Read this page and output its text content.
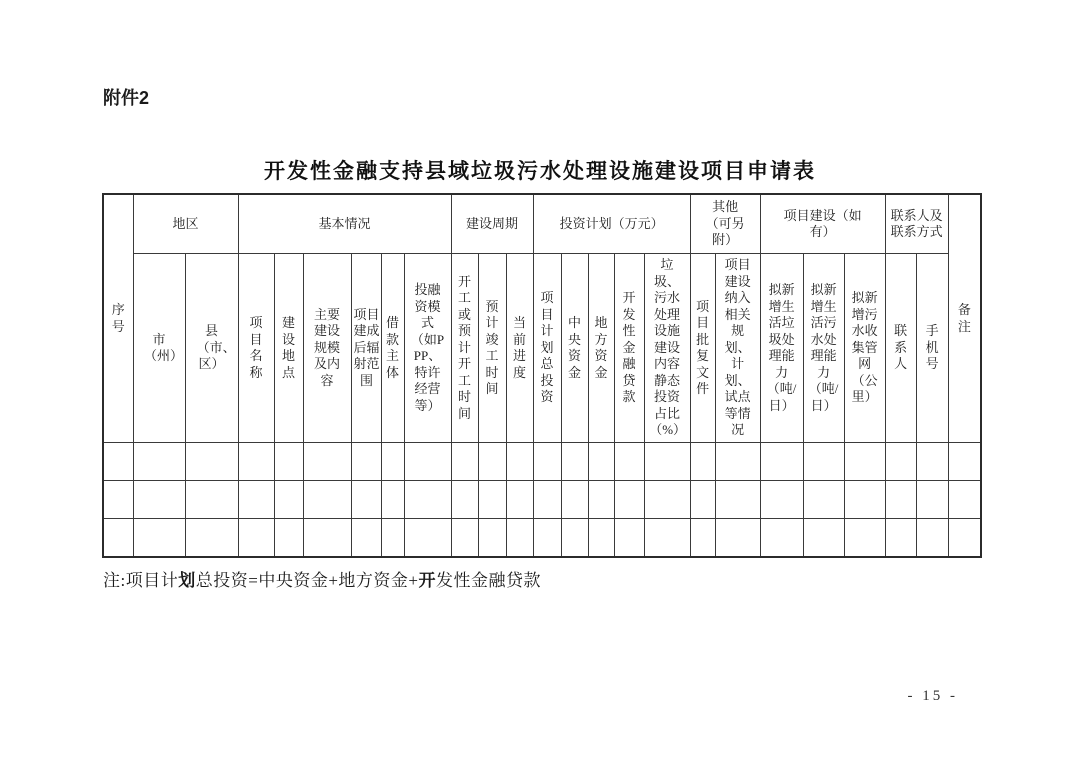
附件2
开发性金融支持县域垃圾污水处理设施建设项目申请表
序号	地区		基本情况						建设周期			投资计划（万元）					其他（可另附）		项目建设（如有）			联系人及联系方式		备注

	市（州）	县（市、区）	项目名称	建设地点	主要建设规模及内容	项目建成后辐射范围	借款主体	投融资模式（如PPP、特许经营等）	开工或预计开工时间	预计竣工时间	当前进度	项目计划总投资	中央资金	地方资金	开发性金融贷款	垃圾、污水处理设施建设内容静态投资占比（%）	项目批复文件	项目建设纳入相关规划、计划、试点等情况	拟新增生活垃圾处理能力（吨/日）	拟新增生活污水处理能力（吨/日）	拟新增污水收集管网（公里）	联系人	手机号	

注:项目计划总投资=中央资金+地方资金+开发性金融贷款
- 15 -
